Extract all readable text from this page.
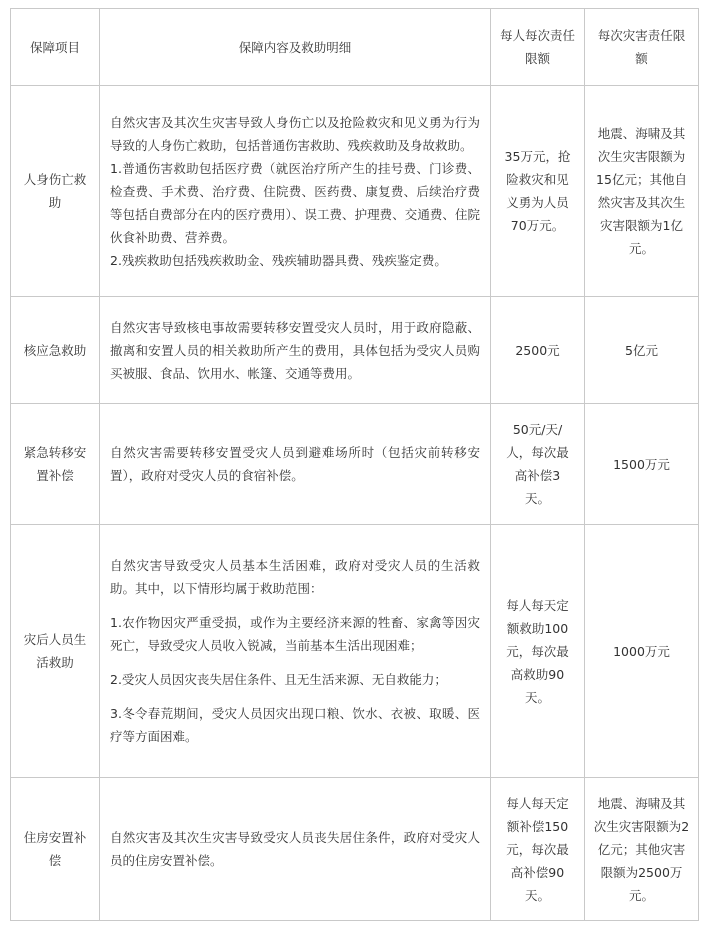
保障项目	保障内容及救助明细	每人每次责任限额	每次灾害责任限额

人身伤亡救助	自然灾害及其次生灾害导致人身伤亡以及抢险救灾和见义勇为行为导致的人身伤亡救助，包括普通伤害救助、残疾救助及身故救助。

1.普通伤害救助包括医疗费（就医治疗所产生的挂号费、门诊费、检查费、手术费、治疗费、住院费、医药费、康复费、后续治疗费等包括自费部分在内的医疗费用）、误工费、护理费、交通费、住院伙食补助费、营养费。

2.残疾救助包括残疾救助金、残疾辅助器具费、残疾鉴定费。	35万元，抢险救灾和见义勇为人员70万元。	地震、海啸及其次生灾害限额为15亿元；其他自然灾害及其次生灾害限额为1亿元。

核应急救助	自然灾害导致核电事故需要转移安置受灾人员时，用于政府隐蔽、撤离和安置人员的相关救助所产生的费用，具体包括为受灾人员购买被服、食品、饮用水、帐篷、交通等费用。	2500元	5亿元

紧急转移安置补偿	自然灾害需要转移安置受灾人员到避难场所时（包括灾前转移安置），政府对受灾人员的食宿补偿。	50元/天/人，每次最高补偿3天。	1500万元

灾后人员生活救助	自然灾害导致受灾人员基本生活困难，政府对受灾人员的生活救助。其中，以下情形均属于救助范围：

1.农作物因灾严重受损，或作为主要经济来源的牲畜、家禽等因灾死亡，导致受灾人员收入锐减，当前基本生活出现困难；

2.受灾人员因灾丧失居住条件、且无生活来源、无自救能力；

3.冬令春荒期间，受灾人员因灾出现口粮、饮水、衣被、取暖、医疗等方面困难。	每人每天定额救助100元，每次最高救助90天。	1000万元

住房安置补偿	自然灾害及其次生灾害导致受灾人员丧失居住条件，政府对受灾人员的住房安置补偿。	每人每天定额补偿150元，每次最高补偿90天。	地震、海啸及其次生灾害限额为2亿元；其他灾害限额为2500万元。
